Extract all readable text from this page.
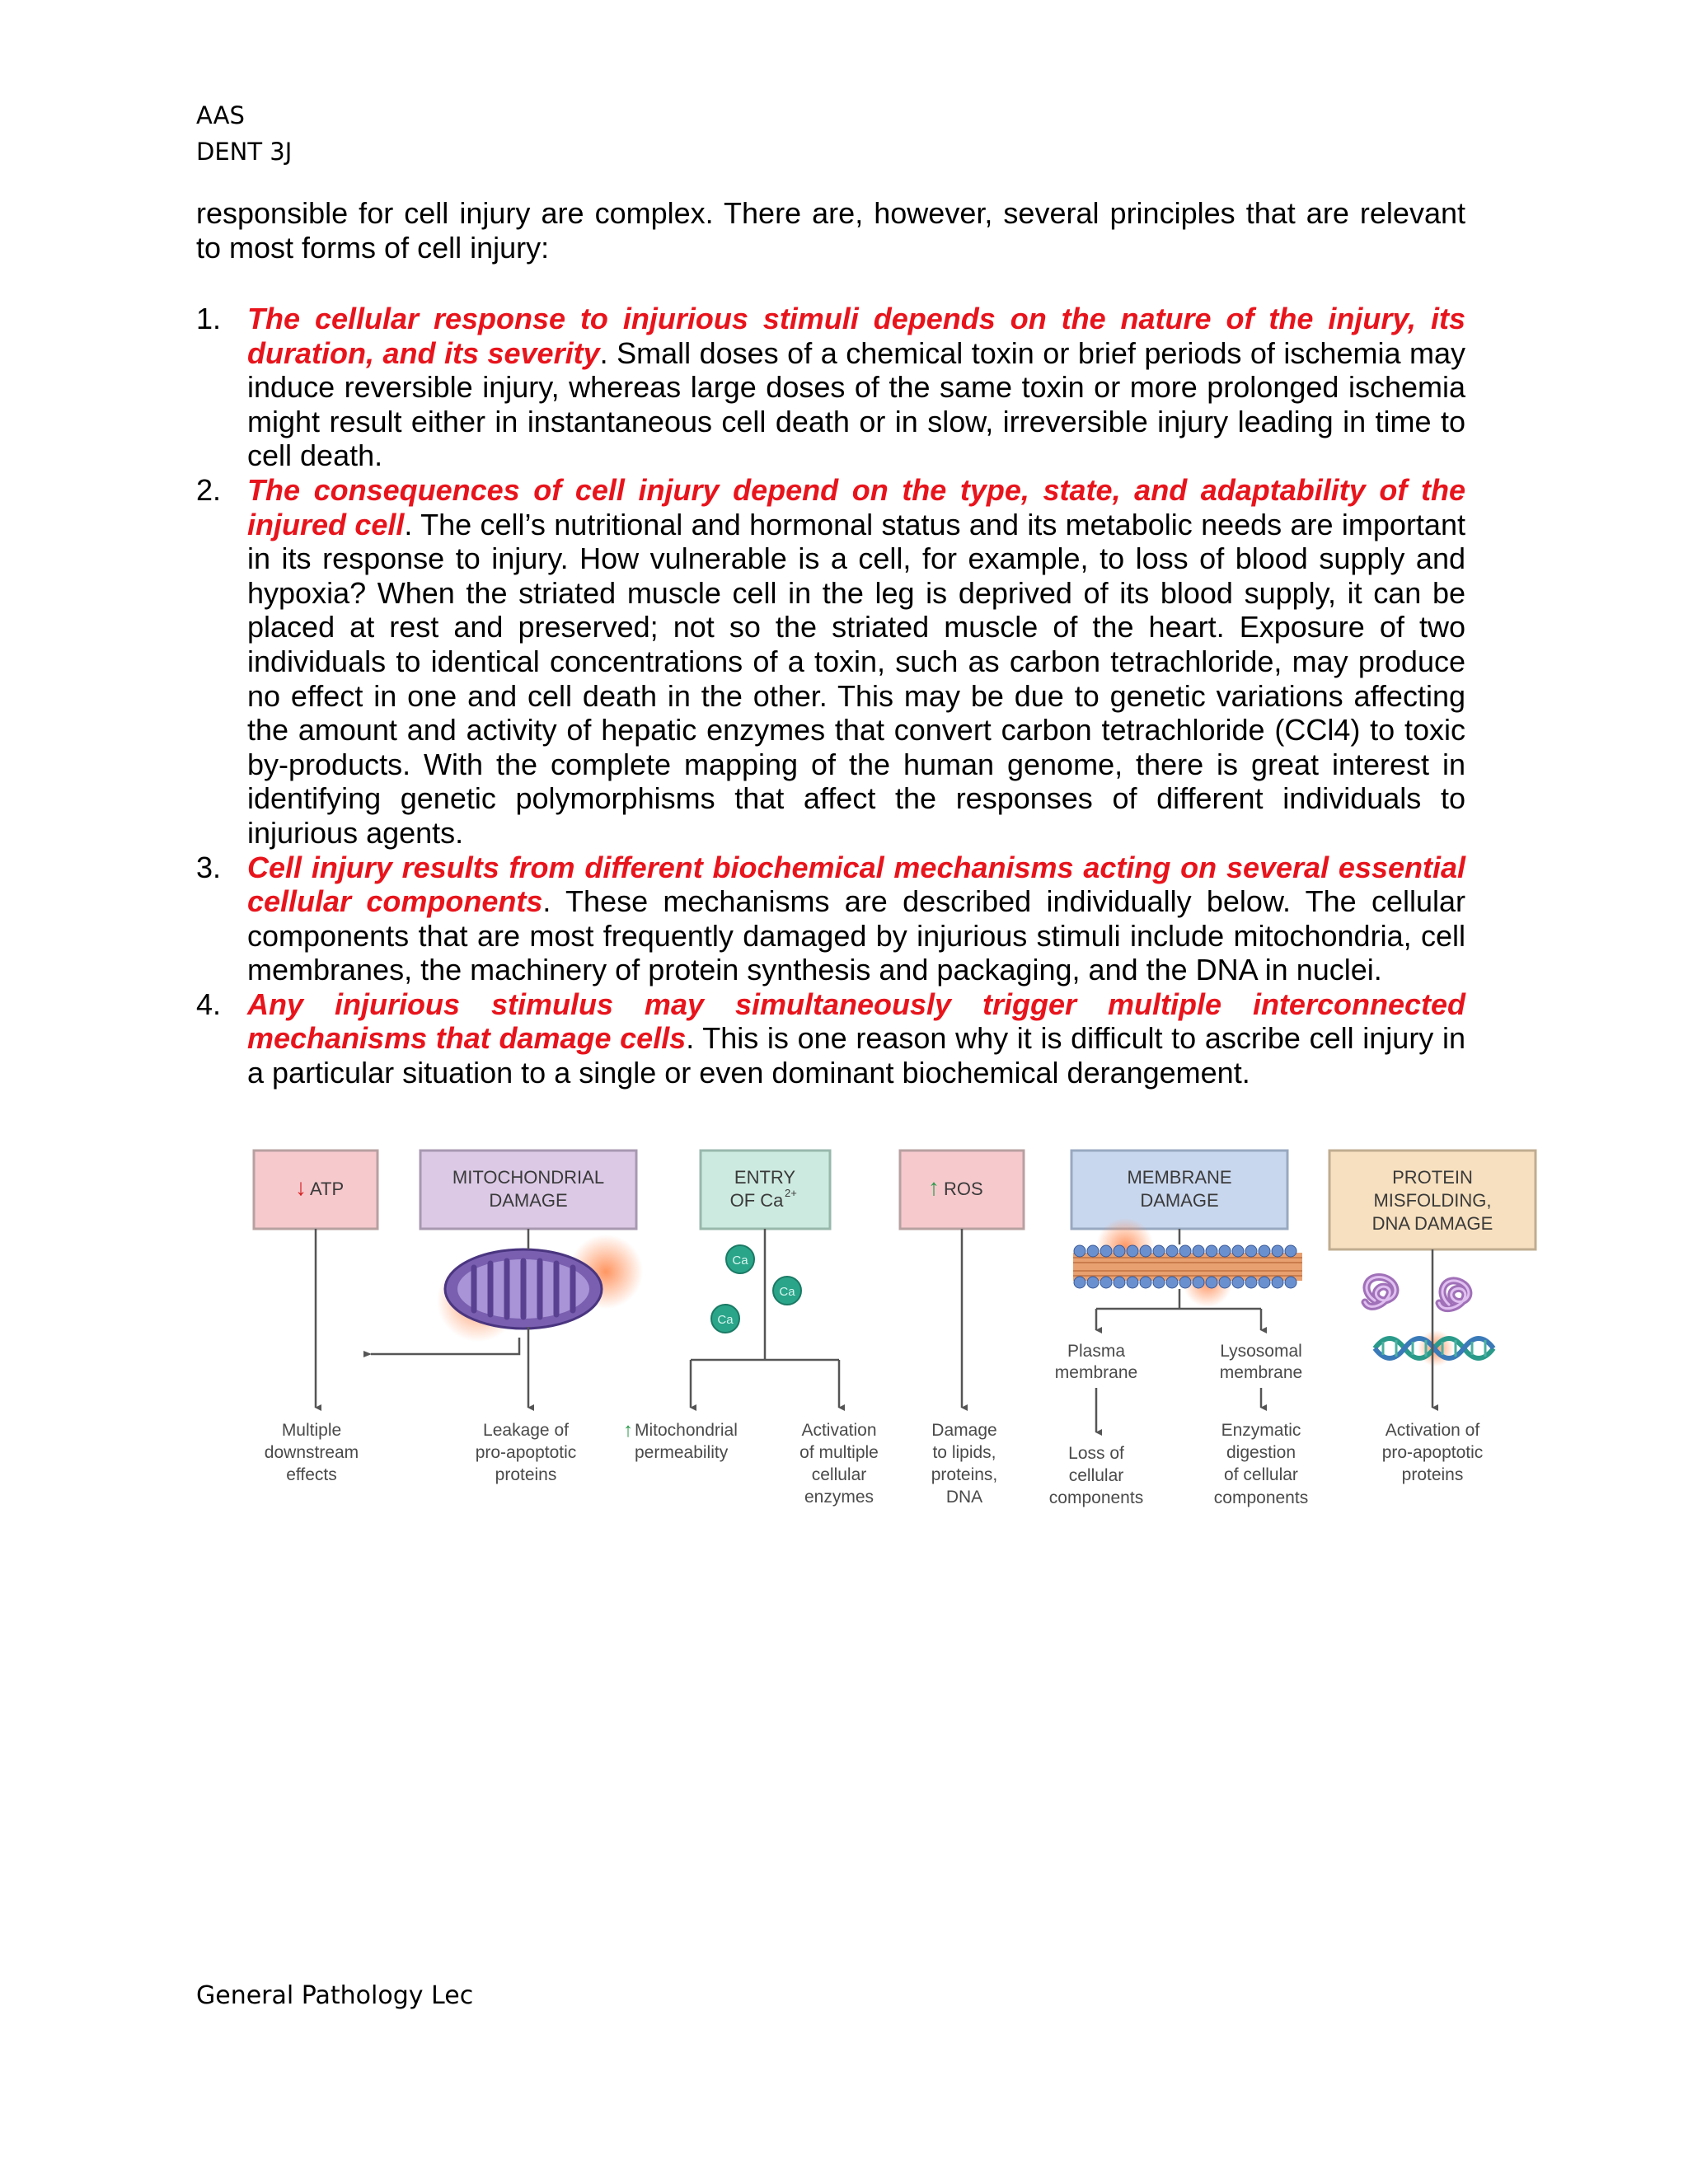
AAS
DENT 3J

responsible for cell injury are complex. There are, however, several principles that are relevant to most forms of cell injury:

1. The cellular response to injurious stimuli depends on the nature of the injury, its duration, and its severity. Small doses of a chemical toxin or brief periods of ischemia may induce reversible injury, whereas large doses of the same toxin or more prolonged ischemia might result either in instantaneous cell death or in slow, irreversible injury leading in time to cell death.
2. The consequences of cell injury depend on the type, state, and adaptability of the injured cell. The cell’s nutritional and hormonal status and its metabolic needs are important in its response to injury. How vulnerable is a cell, for example, to loss of blood supply and hypoxia? When the striated muscle cell in the leg is deprived of its blood supply, it can be placed at rest and preserved; not so the striated muscle of the heart. Exposure of two individuals to identical concentrations of a toxin, such as carbon tetrachloride, may produce no effect in one and cell death in the other. This may be due to genetic variations affecting the amount and activity of hepatic enzymes that convert carbon tetrachloride (CCl4) to toxic by-products. With the complete mapping of the human genome, there is great interest in identifying genetic polymorphisms that affect the responses of different individuals to injurious agents.
3. Cell injury results from different biochemical mechanisms acting on several essential cellular components. These mechanisms are described individually below. The cellular components that are most frequently damaged by injurious stimuli include mitochondria, cell membranes, the machinery of protein synthesis and packaging, and the DNA in nuclei.
4. Any injurious stimulus may simultaneously trigger multiple interconnected mechanisms that damage cells. This is one reason why it is difficult to ascribe cell injury in a particular situation to a single or even dominant biochemical derangement.
↓ ATP
MITOCHONDRIAL
DAMAGE
ENTRY
OF Ca 2+	↑ ROS
MEMBRANE
DAMAGE
PROTEIN
MISFOLDING,
DNA DAMAGE
Ca
Ca
Ca
Plasma
membrane
Lysosomal
membrane
Multiple
downstream
effects
Leakage of
pro-apoptotic
proteins
↑ Mitochondrial
permeability
Activation
of multiple
cellular
enzymes
Damage
to lipids,
proteins,
DNA
Loss of
cellular
components
Enzymatic
digestion
of cellular
components
Activation of
pro-apoptotic
proteins
General Pathology Lec
